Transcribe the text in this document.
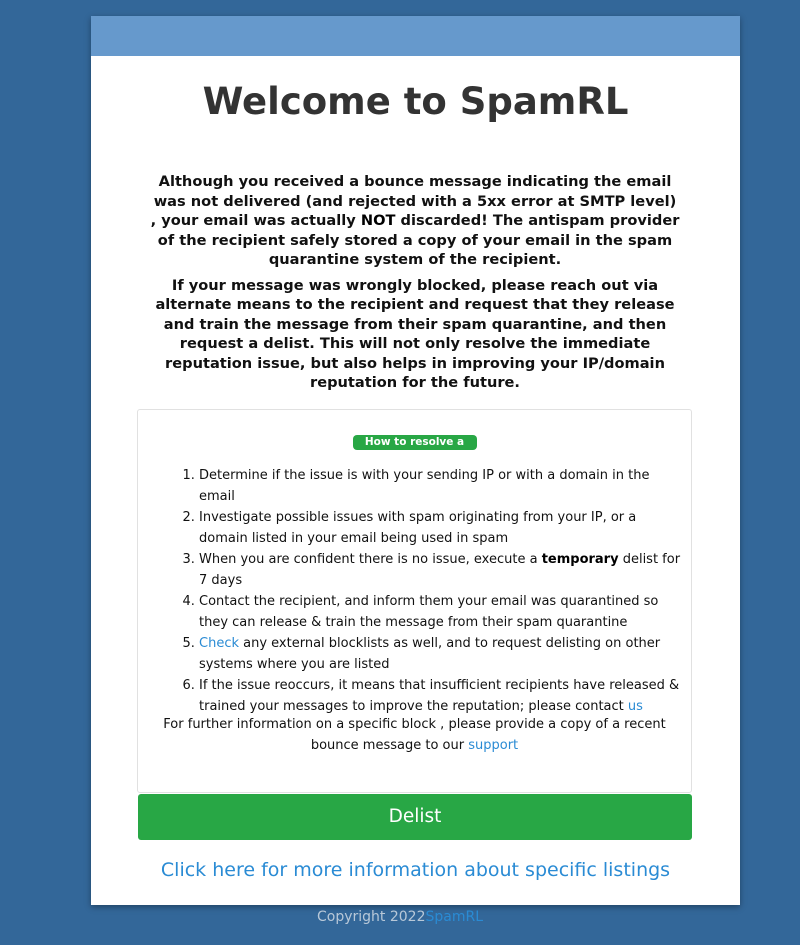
Welcome to SpamRL

Although you received a bounce message indicating the email was not delivered (and rejected with a 5xx error at SMTP level) , your email was actually NOT discarded! The antispam provider of the recipient safely stored a copy of your email in the spam quarantine system of the recipient.

If your message was wrongly blocked, please reach out via alternate means to the recipient and request that they release and train the message from their spam quarantine, and then request a delist. This will not only resolve the immediate reputation issue, but also helps in improving your IP/domain reputation for the future.

How to resolve a listing
1. Determine if the issue is with your sending IP or with a domain in the email
2. Investigate possible issues with spam originating from your IP, or a domain listed in your email being used in spam
3. When you are confident there is no issue, execute a temporary delist for 7 days
4. Contact the recipient, and inform them your email was quarantined so they can release & train the message from their spam quarantine
5. Check any external blocklists as well, and to request delisting on other systems where you are listed
6. If the issue reoccurs, it means that insufficient recipients have released & trained your messages to improve the reputation; please contact us
For further information on a specific block , please provide a copy of a recent bounce message to our support
Delist
Click here for more information about specific listings
Copyright 2022SpamRL
